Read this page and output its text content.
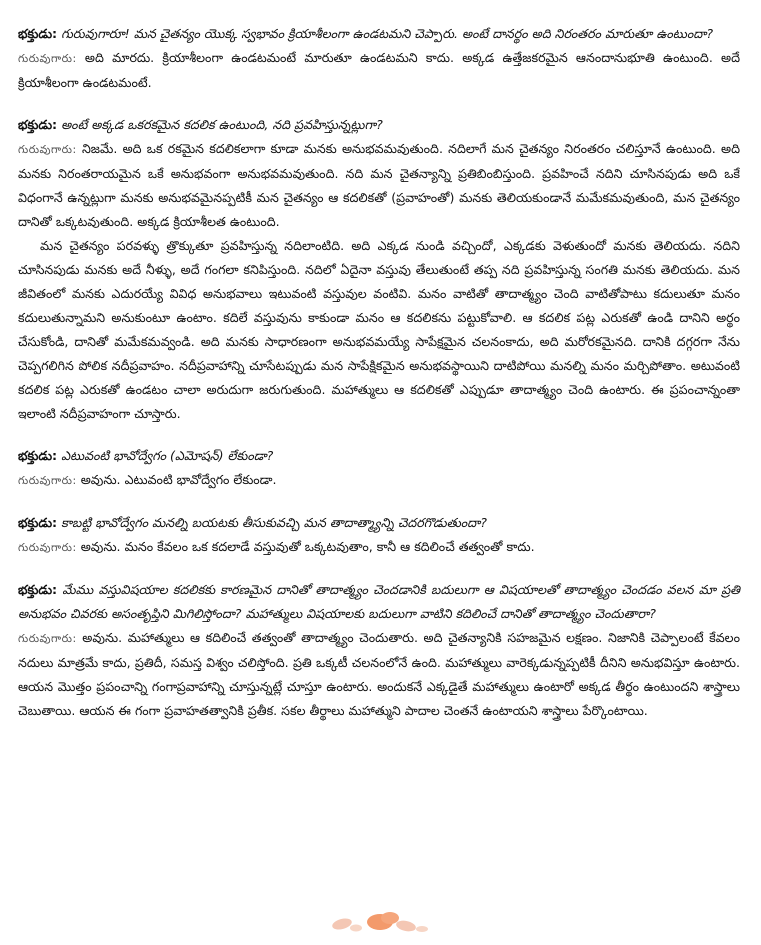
భక్తుడు: గురువుగారూ! మన చైతన్యం యొక్క స్వభావం క్రియాశీలంగా ఉండటమని చెప్పారు. అంటే దానర్థం అది నిరంతరం మారుతూ ఉంటుందా?

గురువుగారు: అది మారదు. క్రియాశీలంగా ఉండటమంటే మారుతూ ఉండటమని కాదు. అక్కడ ఉత్తేజకరమైన ఆనందానుభూతి ఉంటుంది. అదే క్రియాశీలంగా ఉండటమంటే.

భక్తుడు: అంటే అక్కడ ఒకరకమైన కదలిక ఉంటుంది, నది ప్రవహిస్తున్నట్లుగా?

గురువుగారు: నిజమే. అది ఒక రకమైన కదలికలాగా కూడా మనకు అనుభవమవుతుంది. నదిలాగే మన చైతన్యం నిరంతరం చలిస్తూనే ఉంటుంది. అది మనకు నిరంతరాయమైన ఒకే అనుభవంగా అనుభవమవుతుంది. నది మన చైతన్యాన్ని ప్రతిబింబిస్తుంది. ప్రవహించే నదిని చూసినపుడు అది ఒకే విధంగానే ఉన్నట్లుగా మనకు అనుభవమైనప్పటికీ మన చైతన్యం ఆ కదలికతో (ప్రవాహంతో) మనకు తెలియకుండానే మమేకమవుతుంది, మన చైతన్యం దానితో ఒక్కటవుతుంది. అక్కడ క్రియాశీలత ఉంటుంది.

మన చైతన్యం పరవళ్ళు త్రొక్కుతూ ప్రవహిస్తున్న నదిలాంటిది. అది ఎక్కడ నుండి వచ్చిందో, ఎక్కడకు వెళుతుందో మనకు తెలియదు. నదిని చూసినపుడు మనకు అదే నీళ్ళు, అదే గంగలా కనిపిస్తుంది. నదిలో ఏదైనా వస్తువు తేలుతుంటే తప్ప నది ప్రవహిస్తున్న సంగతి మనకు తెలియదు. మన జీవితంలో మనకు ఎదురయ్యే వివిధ అనుభవాలు ఇటువంటి వస్తువుల వంటివి. మనం వాటితో తాదాత్మ్యం చెంది వాటితోపాటు కదులుతూ మనం కదులుతున్నామని అనుకుంటూ ఉంటాం. కదిలే వస్తువును కాకుండా మనం ఆ కదలికను పట్టుకోవాలి. ఆ కదలిక పట్ల ఎరుకతో ఉండి దానిని అర్థం చేసుకోండి, దానితో మమేకమవ్వండి. అది మనకు సాధారణంగా అనుభవమయ్యే సాపేక్షమైన చలనంకాదు, అది మరోరకమైనది. దానికి దగ్గరగా నేను చెప్పగలిగిన పోలిక నదీప్రవాహం. నదీప్రవాహాన్ని చూసేటప్పుడు మన సాపేక్షికమైన అనుభవస్థాయిని దాటిపోయి మనల్ని మనం మర్చిపోతాం. అటువంటి కదలిక పట్ల ఎరుకతో ఉండటం చాలా అరుదుగా జరుగుతుంది. మహాత్ములు ఆ కదలికతో ఎప్పుడూ తాదాత్మ్యం చెంది ఉంటారు. ఈ ప్రపంచాన్నంతా ఇలాంటి నదీప్రవాహంగా చూస్తారు.

భక్తుడు: ఎటువంటి భావోద్వేగం (ఎమోషన్) లేకుండా?

గురువుగారు: అవును. ఎటువంటి భావోద్వేగం లేకుండా.

భక్తుడు: కాబట్టి భావోద్వేగం మనల్ని బయటకు తీసుకువచ్చి మన తాదాత్మ్యాన్ని చెదరగొడుతుందా?

గురువుగారు: అవును. మనం కేవలం ఒక కదలాడే వస్తువుతో ఒక్కటవుతాం, కానీ ఆ కదిలించే తత్వంతో కాదు.

భక్తుడు: మేము వస్తువిషయాల కదలికకు కారణమైన దానితో తాదాత్మ్యం చెందడానికి బదులుగా ఆ విషయాలతో తాదాత్మ్యం చెందడం వలన మా ప్రతి అనుభవం చివరకు అసంతృప్తిని మిగిలిస్తోందా? మహాత్ములు విషయాలకు బదులుగా వాటిని కదిలించే దానితో తాదాత్మ్యం చెందుతారా?

గురువుగారు: అవును. మహాత్ములు ఆ కదిలించే తత్వంతో తాదాత్మ్యం చెందుతారు. అది చైతన్యానికి సహజమైన లక్షణం. నిజానికి చెప్పాలంటే కేవలం నదులు మాత్రమే కాదు, ప్రతిదీ, సమస్త విశ్వం చలిస్తోంది. ప్రతి ఒక్కటీ చలనంలోనే ఉంది. మహాత్ములు వారెక్కడున్నప్పటికీ దీనిని అనుభవిస్తూ ఉంటారు. ఆయన మొత్తం ప్రపంచాన్ని గంగాప్రవాహాన్ని చూస్తున్నట్లే చూస్తూ ఉంటారు. అందుకనే ఎక్కడైతే మహాత్ములు ఉంటారో అక్కడ తీర్థం ఉంటుందని శాస్త్రాలు చెబుతాయి. ఆయన ఈ గంగా ప్రవాహతత్వానికి ప్రతీక. సకల తీర్థాలు మహాత్ముని పాదాల చెంతనే ఉంటాయని శాస్త్రాలు పేర్కొంటాయి.
